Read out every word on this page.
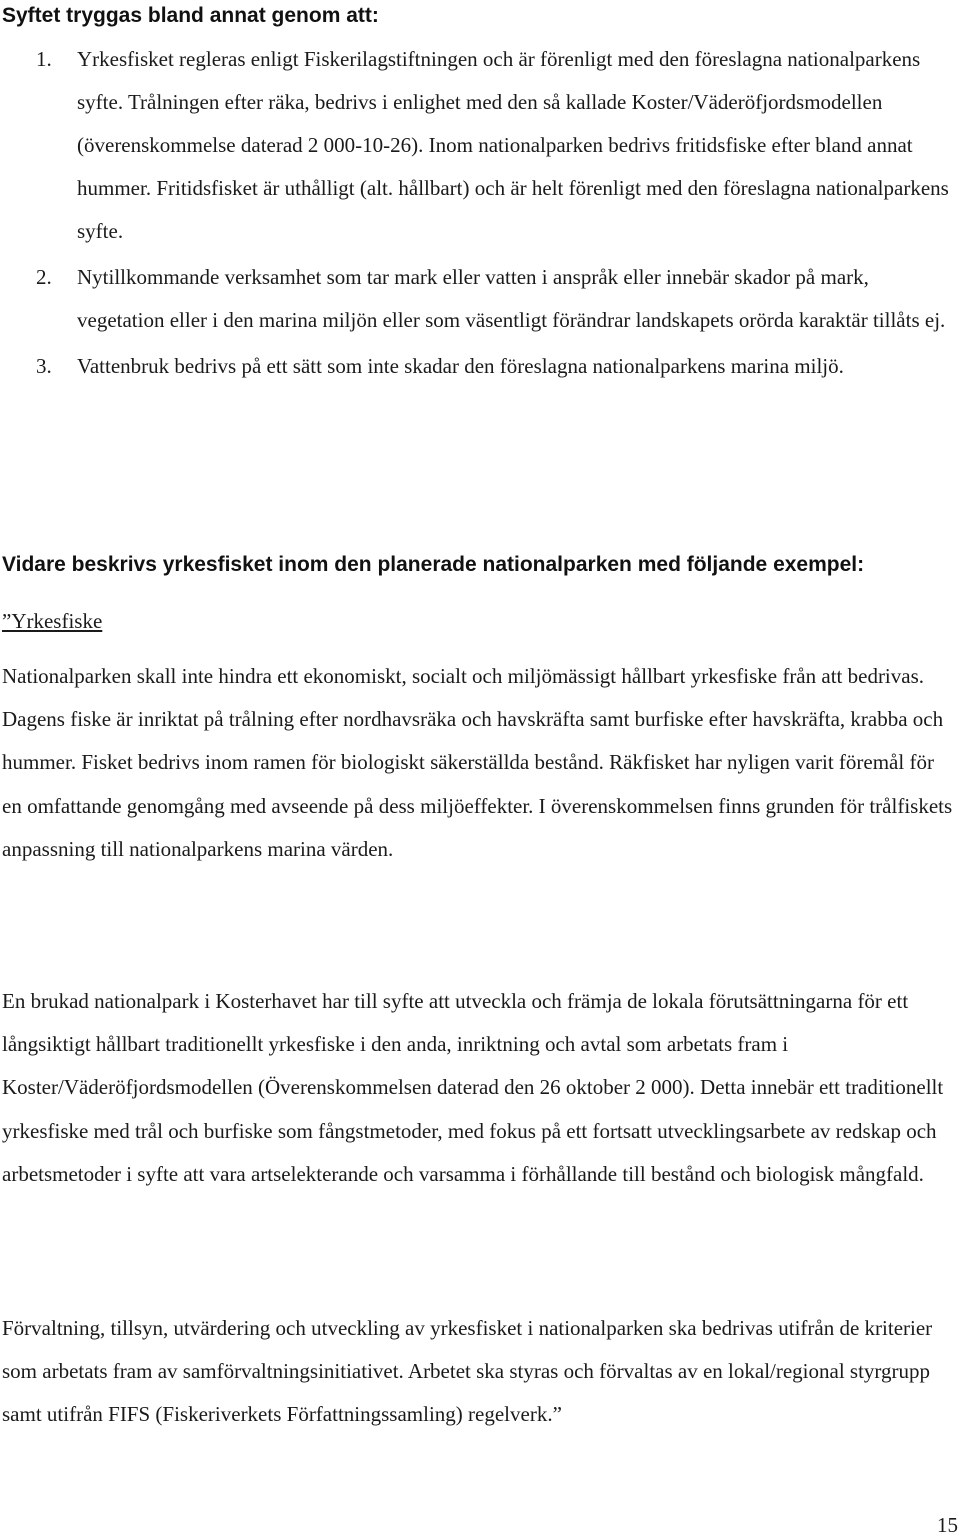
Syftet tryggas bland annat genom att:
1. Yrkesfisket regleras enligt Fiskerilagstiftningen och är förenligt med den föreslagna nationalparkens syfte. Trålningen efter räka, bedrivs i enlighet med den så kallade Koster/Väderöfjordsmodellen (överenskommelse daterad 2 000-10-26). Inom nationalparken bedrivs fritidsfiske efter bland annat hummer. Fritidsfisket är uthålligt (alt. hållbart) och är helt förenligt med den föreslagna nationalparkens syfte.
2. Nytillkommande verksamhet som tar mark eller vatten i anspråk eller innebär skador på mark, vegetation eller i den marina miljön eller som väsentligt förändrar landskapets orörda karaktär tillåts ej.
3. Vattenbruk bedrivs på ett sätt som inte skadar den föreslagna nationalparkens marina miljö.
Vidare beskrivs yrkesfisket inom den planerade nationalparken med följande exempel:
”Yrkesfiske

Nationalparken skall inte hindra ett ekonomiskt, socialt och miljömässigt hållbart yrkesfiske från att bedrivas. Dagens fiske är inriktat på trålning efter nordhavsräka och havskräfta samt burfiske efter havskräfta, krabba och hummer. Fisket bedrivs inom ramen för biologiskt säkerställda bestånd. Räkfisket har nyligen varit föremål för en omfattande genomgång med avseende på dess miljöeffekter. I överenskommelsen finns grunden för trålfiskets anpassning till nationalparkens marina värden.

En brukad nationalpark i Kosterhavet har till syfte att utveckla och främja de lokala förutsättningarna för ett långsiktigt hållbart traditionellt yrkesfiske i den anda, inriktning och avtal som arbetats fram i Koster/Väderöfjordsmodellen (Överenskommelsen daterad den 26 oktober 2 000). Detta innebär ett traditionellt yrkesfiske med trål och burfiske som fångstmetoder, med fokus på ett fortsatt utvecklingsarbete av redskap och arbetsmetoder i syfte att vara artselekterande och varsamma i förhållande till bestånd och biologisk mångfald.

Förvaltning, tillsyn, utvärdering och utveckling av yrkesfisket i nationalparken ska bedrivas utifrån de kriterier som arbetats fram av samförvaltningsinitiativet. Arbetet ska styras och förvaltas av en lokal/regional styrgrupp samt utifrån FIFS (Fiskeriverkets Författningssamling) regelverk.”

15
